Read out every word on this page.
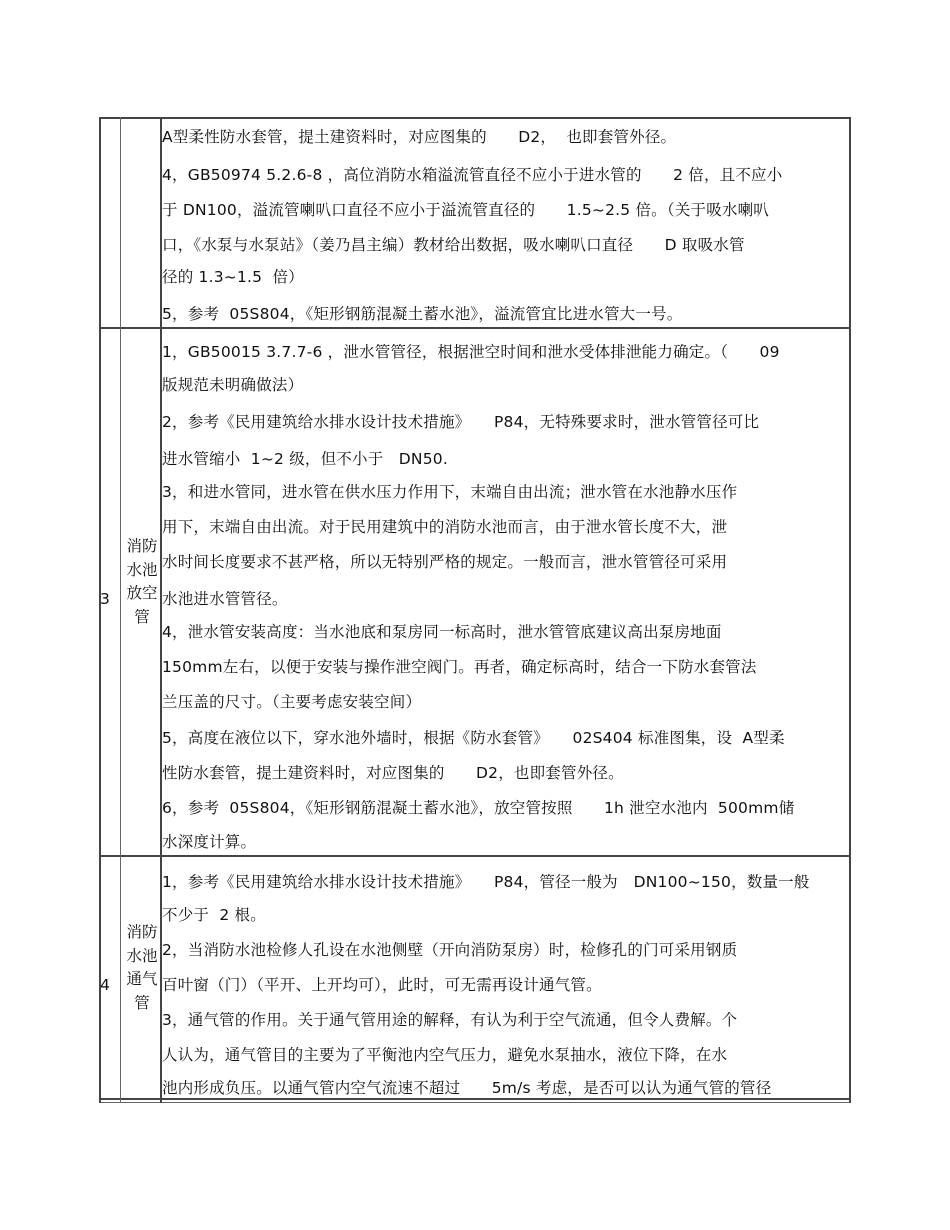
A型柔性防水套管，提土建资料时，对应图集的　　D2，  也即套管外径。
4，GB50974 5.2.6-8 ，高位消防水箱溢流管直径不应小于进水管的　　2 倍，且不应小
于 DN100，溢流管喇叭口直径不应小于溢流管直径的　　1.5~2.5 倍。（关于吸水喇叭
口，《水泵与水泵站》（姜乃昌主编）教材给出数据，吸水喇叭口直径　　D 取吸水管
径的 1.3~1.5  倍）
5，参考  05S804，《矩形钢筋混凝土蓄水池》，溢流管宜比进水管大一号。
3
消防
水池
放空
管
1，GB50015 3.7.7-6 ，泄水管管径，根据泄空时间和泄水受体排泄能力确定。（　　09
版规范未明确做法）
2，参考《民用建筑给水排水设计技术措施》　　P84，无特殊要求时，泄水管管径可比
进水管缩小  1~2 级，但不小于   DN50.
3，和进水管同，进水管在供水压力作用下，末端自由出流；泄水管在水池静水压作
用下，末端自由出流。对于民用建筑中的消防水池而言，由于泄水管长度不大，泄
水时间长度要求不甚严格，所以无特别严格的规定。一般而言，泄水管管径可采用
水池进水管管径。
4，泄水管安装高度：当水池底和泵房同一标高时，泄水管管底建议高出泵房地面
150mm左右，以便于安装与操作泄空阀门。再者，确定标高时，结合一下防水套管法
兰压盖的尺寸。（主要考虑安装空间）
5，高度在液位以下，穿水池外墙时，根据《防水套管》　　02S404 标准图集，设  A型柔
性防水套管，提土建资料时，对应图集的　　D2，也即套管外径。
6，参考  05S804，《矩形钢筋混凝土蓄水池》，放空管按照　　1h 泄空水池内  500mm储
水深度计算。
4
消防
水池
通气
管
1，参考《民用建筑给水排水设计技术措施》　　P84，管径一般为　DN100~150，数量一般
不少于  2 根。
2，当消防水池检修人孔设在水池侧壁（开向消防泵房）时，检修孔的门可采用钢质
百叶窗（门）（平开、上开均可），此时，可无需再设计通气管。
3，通气管的作用。关于通气管用途的解释，有认为利于空气流通，但令人费解。个
人认为，通气管目的主要为了平衡池内空气压力，避免水泵抽水，液位下降，在水
池内形成负压。以通气管内空气流速不超过　　5m/s 考虑，是否可以认为通气管的管径
